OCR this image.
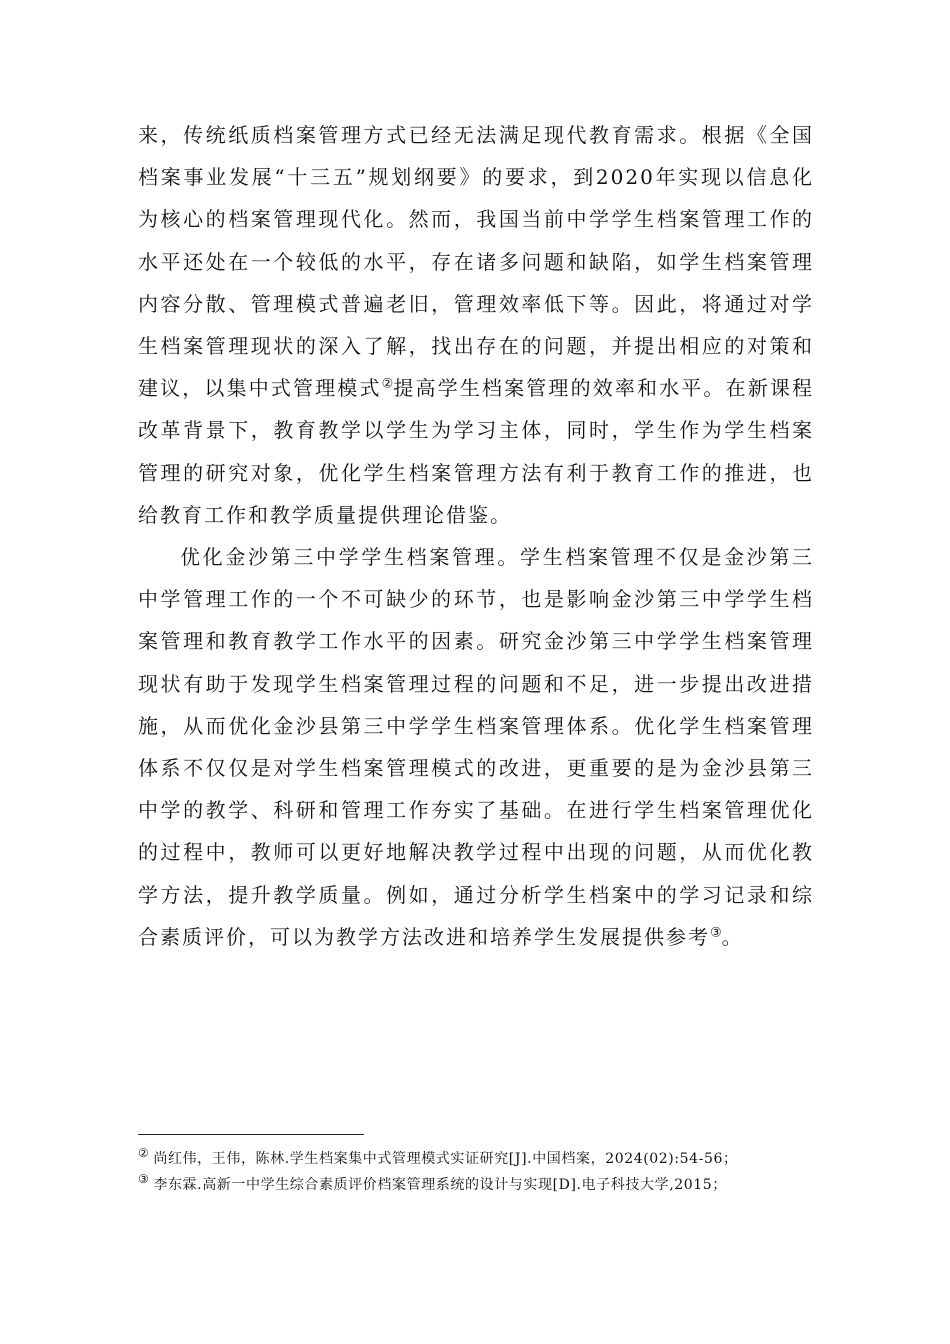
来，传统纸质档案管理方式已经无法满足现代教育需求。根据《全国档案事业发展“十三五”规划纲要》的要求，到2020年实现以信息化为核心的档案管理现代化。然而，我国当前中学学生档案管理工作的水平还处在一个较低的水平，存在诸多问题和缺陷，如学生档案管理内容分散、管理模式普遍老旧，管理效率低下等。因此，将通过对学生档案管理现状的深入了解，找出存在的问题，并提出相应的对策和建议，以集中式管理模式②提高学生档案管理的效率和水平。在新课程改革背景下，教育教学以学生为学习主体，同时，学生作为学生档案管理的研究对象，优化学生档案管理方法有利于教育工作的推进，也给教育工作和教学质量提供理论借鉴。

优化金沙第三中学学生档案管理。学生档案管理不仅是金沙第三中学管理工作的一个不可缺少的环节，也是影响金沙第三中学学生档案管理和教育教学工作水平的因素。研究金沙第三中学学生档案管理现状有助于发现学生档案管理过程的问题和不足，进一步提出改进措施，从而优化金沙县第三中学学生档案管理体系。优化学生档案管理体系不仅仅是对学生档案管理模式的改进，更重要的是为金沙县第三中学的教学、科研和管理工作夯实了基础。在进行学生档案管理优化的过程中，教师可以更好地解决教学过程中出现的问题，从而优化教学方法，提升教学质量。例如，通过分析学生档案中的学习记录和综合素质评价，可以为教学方法改进和培养学生发展提供参考③。

② 尚红伟，王伟，陈林.学生档案集中式管理模式实证研究[J].中国档案，2024(02):54-56；

③ 李东霖.高新一中学生综合素质评价档案管理系统的设计与实现[D].电子科技大学,2015；
